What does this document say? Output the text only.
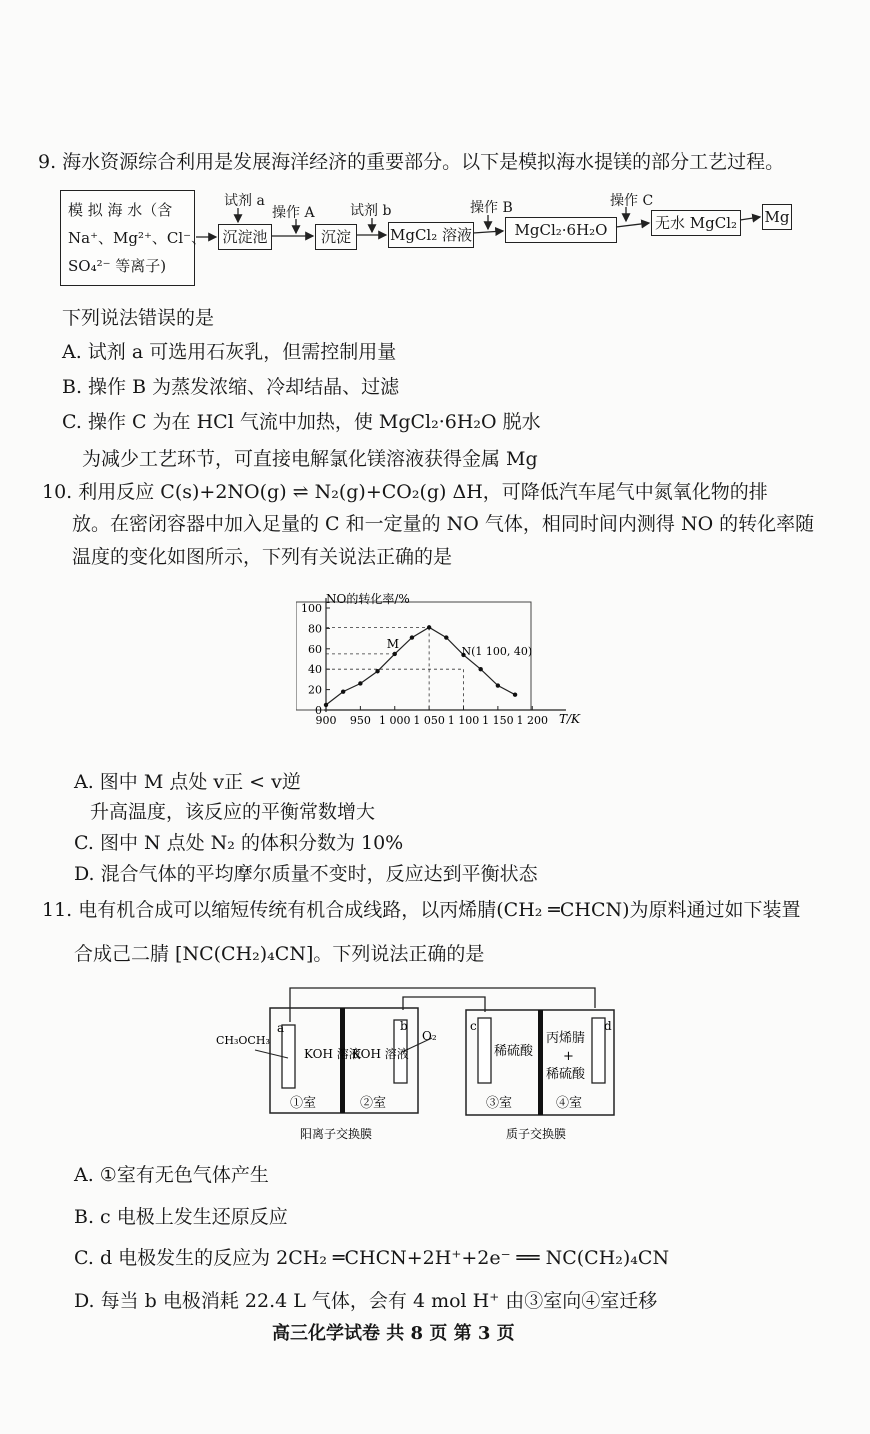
9. 海水资源综合利用是发展海洋经济的重要部分。以下是模拟海水提镁的部分工艺过程。
模 拟 海 水（含
Na⁺、Mg²⁺、Cl⁻、
SO₄²⁻ 等离子)
试剂 a
操作 A	试剂 b	操作 B	操作 C
沉淀池	沉淀	MgCl₂ 溶液	MgCl₂·6H₂O	无水 MgCl₂ Mg
下列说法错误的是
A. 试剂 a 可选用石灰乳，但需控制用量
B. 操作 B 为蒸发浓缩、冷却结晶、过滤
C. 操作 C 为在 HCl 气流中加热，使 MgCl₂·6H₂O 脱水
为减少工艺环节，可直接电解氯化镁溶液获得金属 Mg
10. 利用反应 C(s)+2NO(g) ⇌ N₂(g)+CO₂(g) ΔH，可降低汽车尾气中氮氧化物的排
放。在密闭容器中加入足量的 C 和一定量的 NO 气体，相同时间内测得 NO 的转化率随
温度的变化如图所示，下列有关说法正确的是
NO的转化率/%
T/K
0
20
40
60
80
100
900 950 1 000 1 050 1 100 1 150 1 200
M
N(1 100, 40)
A. 图中 M 点处 v正 < v逆
升高温度，该反应的平衡常数增大
C. 图中 N 点处 N₂ 的体积分数为 10%
D. 混合气体的平均摩尔质量不变时，反应达到平衡状态
11. 电有机合成可以缩短传统有机合成线路，以丙烯腈(CH₂ ═CHCN)为原料通过如下装置
合成己二腈 [NC(CH₂)₄CN]。下列说法正确的是
CH₃OCH₃	O₂
a	b	c	d
KOH 溶液
KOH 溶液	稀硫酸
丙烯腈
+
稀硫酸
①室	②室	③室	④室
阳离子交换膜	质子交换膜
A. ①室有无色气体产生
B. c 电极上发生还原反应
C. d 电极发生的反应为 2CH₂ ═CHCN+2H⁺+2e⁻ ══ NC(CH₂)₄CN
D. 每当 b 电极消耗 22.4 L 气体，会有 4 mol H⁺ 由③室向④室迁移
高三化学试卷 共 8 页 第 3 页
